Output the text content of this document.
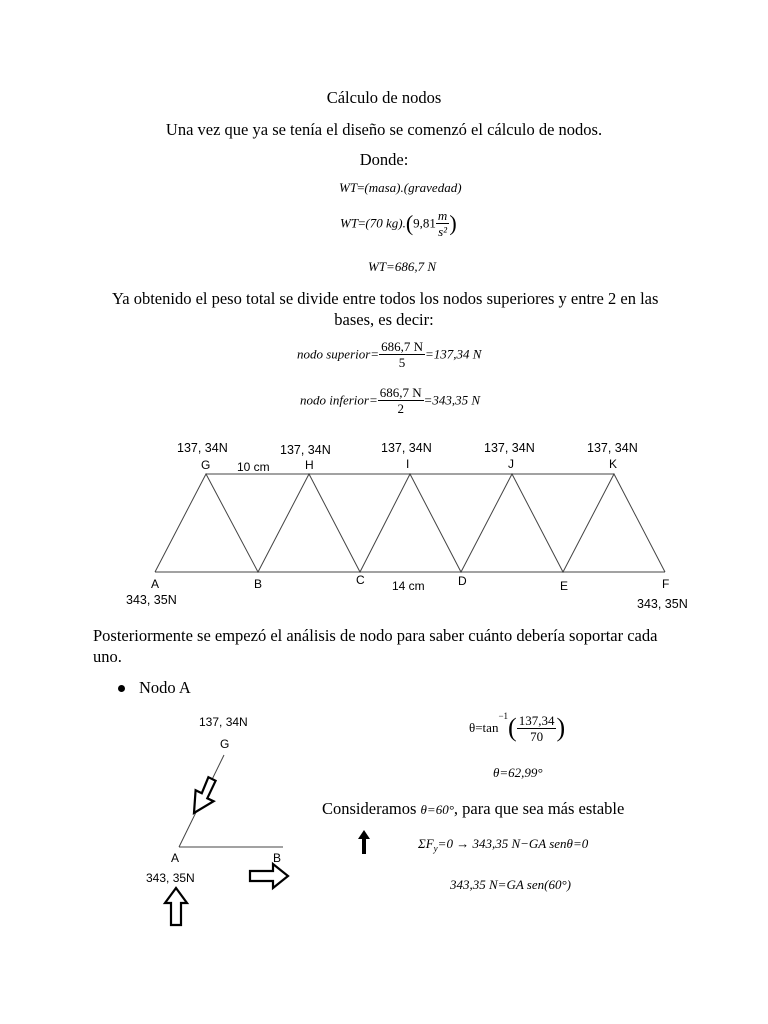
Cálculo de nodos
Una vez que ya se tenía el diseño se comenzó el cálculo de nodos.
Donde:
WT=(masa).(gravedad)
WT=(70 $kg).(9,81 \frac{m}{\text{s²}}$ )
WT=686,7 N
Ya obtenido el peso total se divide entre todos los nodos superiores y entre 2 en las
bases, es decir:
nodo superior= $\frac{686,7 N}{5} =137,34$ N
nodo inferior= $\frac{686,7 N}{2} =343,35$ N
137, 34N	137, 34N	137, 34N	137, 34N	137, 34N
G	H	I	J	K
10 cm
A	B	C	D	E	F
14 cm
343, 35N	343, 35N
Posteriormente se empezó el análisis de nodo para saber cuánto debería soportar cada
uno.
Nodo A
137, 34N
G
A	B
343, 35N
$\theta=\tan^{-1}( \frac{137,34}{70}$ )
θ=62,99°
Consideramos θ=60°, para que sea más estable
$\Sigma F_y=0 \to 343,35$ N−GA senθ=0
343,35 N=GA sen(60°)
